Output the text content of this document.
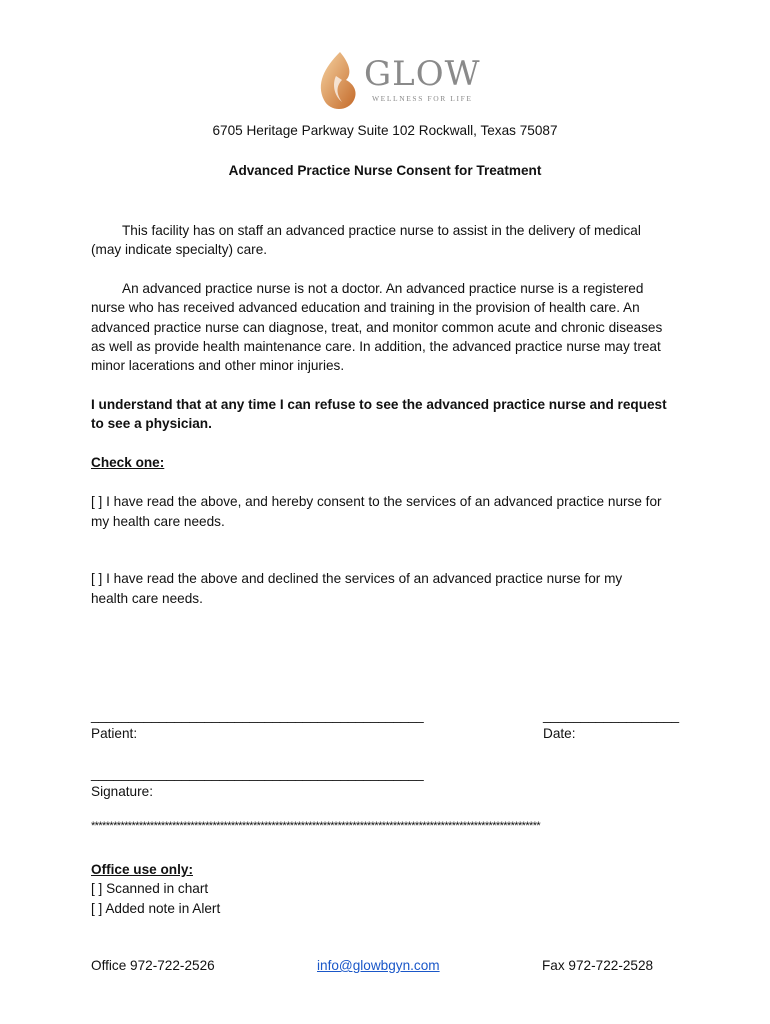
GLOW
WELLNESS FOR LIFE
6705 Heritage Parkway Suite 102 Rockwall, Texas 75087
Advanced Practice Nurse Consent for Treatment
This facility has on staff an advanced practice nurse to assist in the delivery of medical
(may indicate specialty) care.
An advanced practice nurse is not a doctor. An advanced practice nurse is a registered
nurse who has received advanced education and training in the provision of health care. An
advanced practice nurse can diagnose, treat, and monitor common acute and chronic diseases
as well as provide health maintenance care. In addition, the advanced practice nurse may treat
minor lacerations and other minor injuries.
I understand that at any time I can refuse to see the advanced practice nurse and request
to see a physician.
Check one:
[ ] I have read the above, and hereby consent to the services of an advanced practice nurse for
my health care needs.
[ ] I have read the above and declined the services of an advanced practice nurse for my
health care needs.
____________________________________________	__________________
Patient:	Date:
____________________________________________
Signature:
**************************************************************************************************************************
Office use only:
[ ] Scanned in chart
[ ] Added note in Alert
Office 972-722-2526	info@glowbgyn.com	Fax 972-722-2528
